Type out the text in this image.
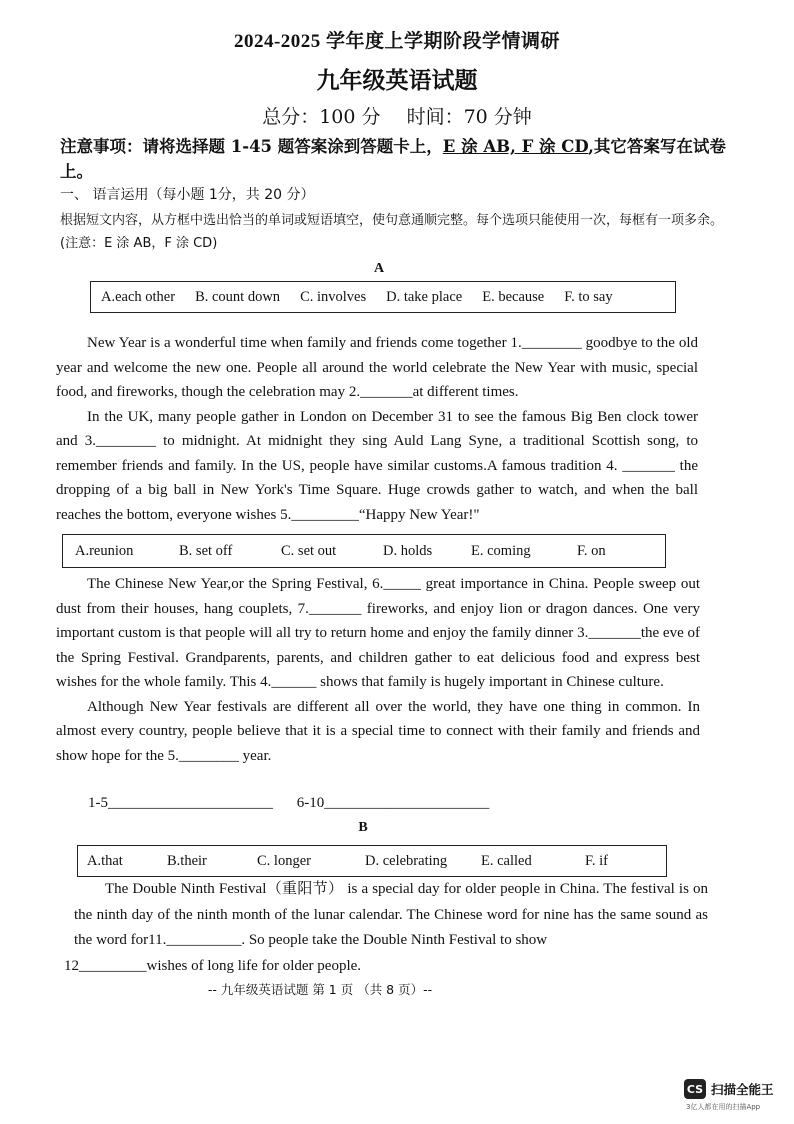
2024-2025 学年度上学期阶段学情调研
九年级英语试题
总分：100 分 时间：70 分钟
注意事项：请将选择题 1-45 题答案涂到答题卡上，E 涂 AB, F 涂 CD,其它答案写在试卷上。
一、 语言运用（每小题 1分，共 20 分）
根据短文内容，从方框中选出恰当的单词或短语填空，使句意通顺完整。每个选项只能使用一次，每框有一项多余。(注意：E 涂 AB，F 涂 CD)
A
A.each other B. count down C. involves D. take place E. because F. to say
New Year is a wonderful time when family and friends come together 1.________ goodbye to the old year and welcome the new one. People all around the world celebrate the New Year with music, special food, and fireworks, though the celebration may 2._______at different times.
In the UK, many people gather in London on December 31 to see the famous Big Ben clock tower and 3.________ to midnight. At midnight they sing Auld Lang Syne, a traditional Scottish song, to remember friends and family. In the US, people have similar customs.A famous tradition 4. _______ the dropping of a big ball in New York's Time Square. Huge crowds gather to watch, and when the ball reaches the bottom, everyone wishes 5._________“Happy New Year!"
A.reunion	B. set off	C. set out	D. holds	E. coming	F. on
The Chinese New Year,or the Spring Festival, 6._____ great importance in China. People sweep out dust from their houses, hang couplets, 7._______ fireworks, and enjoy lion or dragon dances. One very important custom is that people will all try to return home and enjoy the family dinner 3._______the eve of the Spring Festival. Grandparents, parents, and children gather to eat delicious food and express best wishes for the whole family. This 4.______ shows that family is hugely important in Chinese culture.
Although New Year festivals are different all over the world, they have one thing in common. In almost every country, people believe that it is a special time to connect with their family and friends and show hope for the 5.________ year.
1-5______________________ 6-10______________________
B
A.that	B.their	C. longer	D. celebrating	E. called	F. if
The Double Ninth Festival（重阳节） is a special day for older people in China. The festival is on the ninth day of the ninth month of the lunar calendar. The Chinese word for nine has the same sound as the word for11.__________. So people take the Double Ninth Festival to show
12_________wishes of long life for older people.
-- 九年级英语试题 第 1 页 （共 8 页）--
CS 扫描全能王
3亿人都在用的扫描App
